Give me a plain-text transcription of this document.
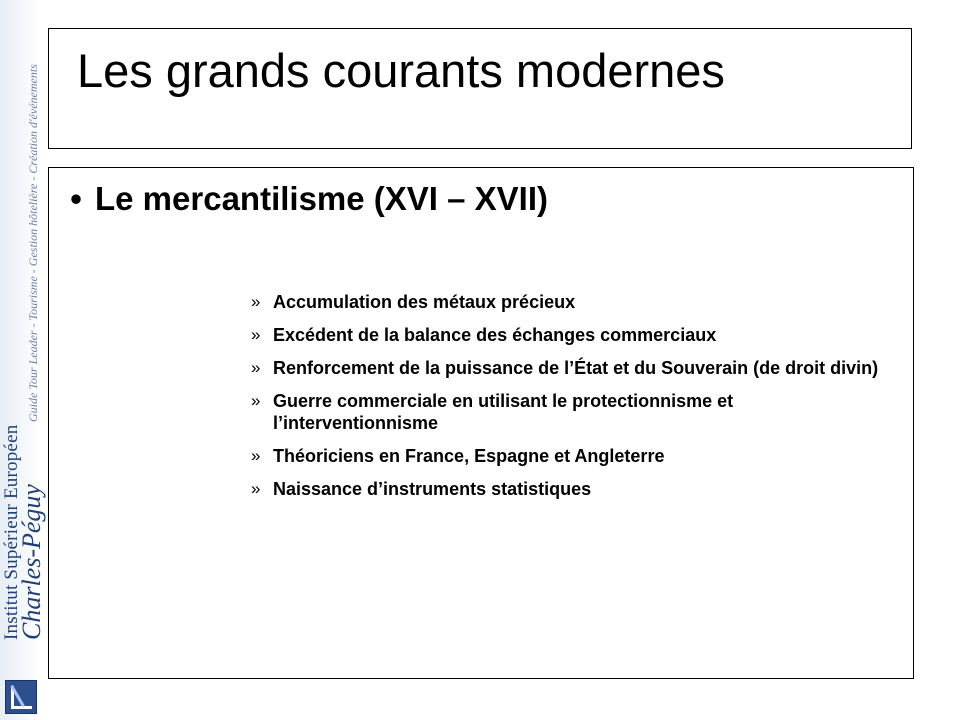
Institut Supérieur Européen
Charles-Péguy
Guide Tour Leader - Tourisme - Gestion hôtelière - Création d'événements Les grands courants modernes
• Le mercantilisme (XVI – XVII)
» Accumulation des métaux précieux
» Excédent de la balance des échanges commerciaux
» Renforcement de la puissance de l’État et du Souverain (de droit divin)
» Guerre commerciale en utilisant le protectionnisme et l’interventionnisme
» Théoriciens en France, Espagne et Angleterre
» Naissance d’instruments statistiques
